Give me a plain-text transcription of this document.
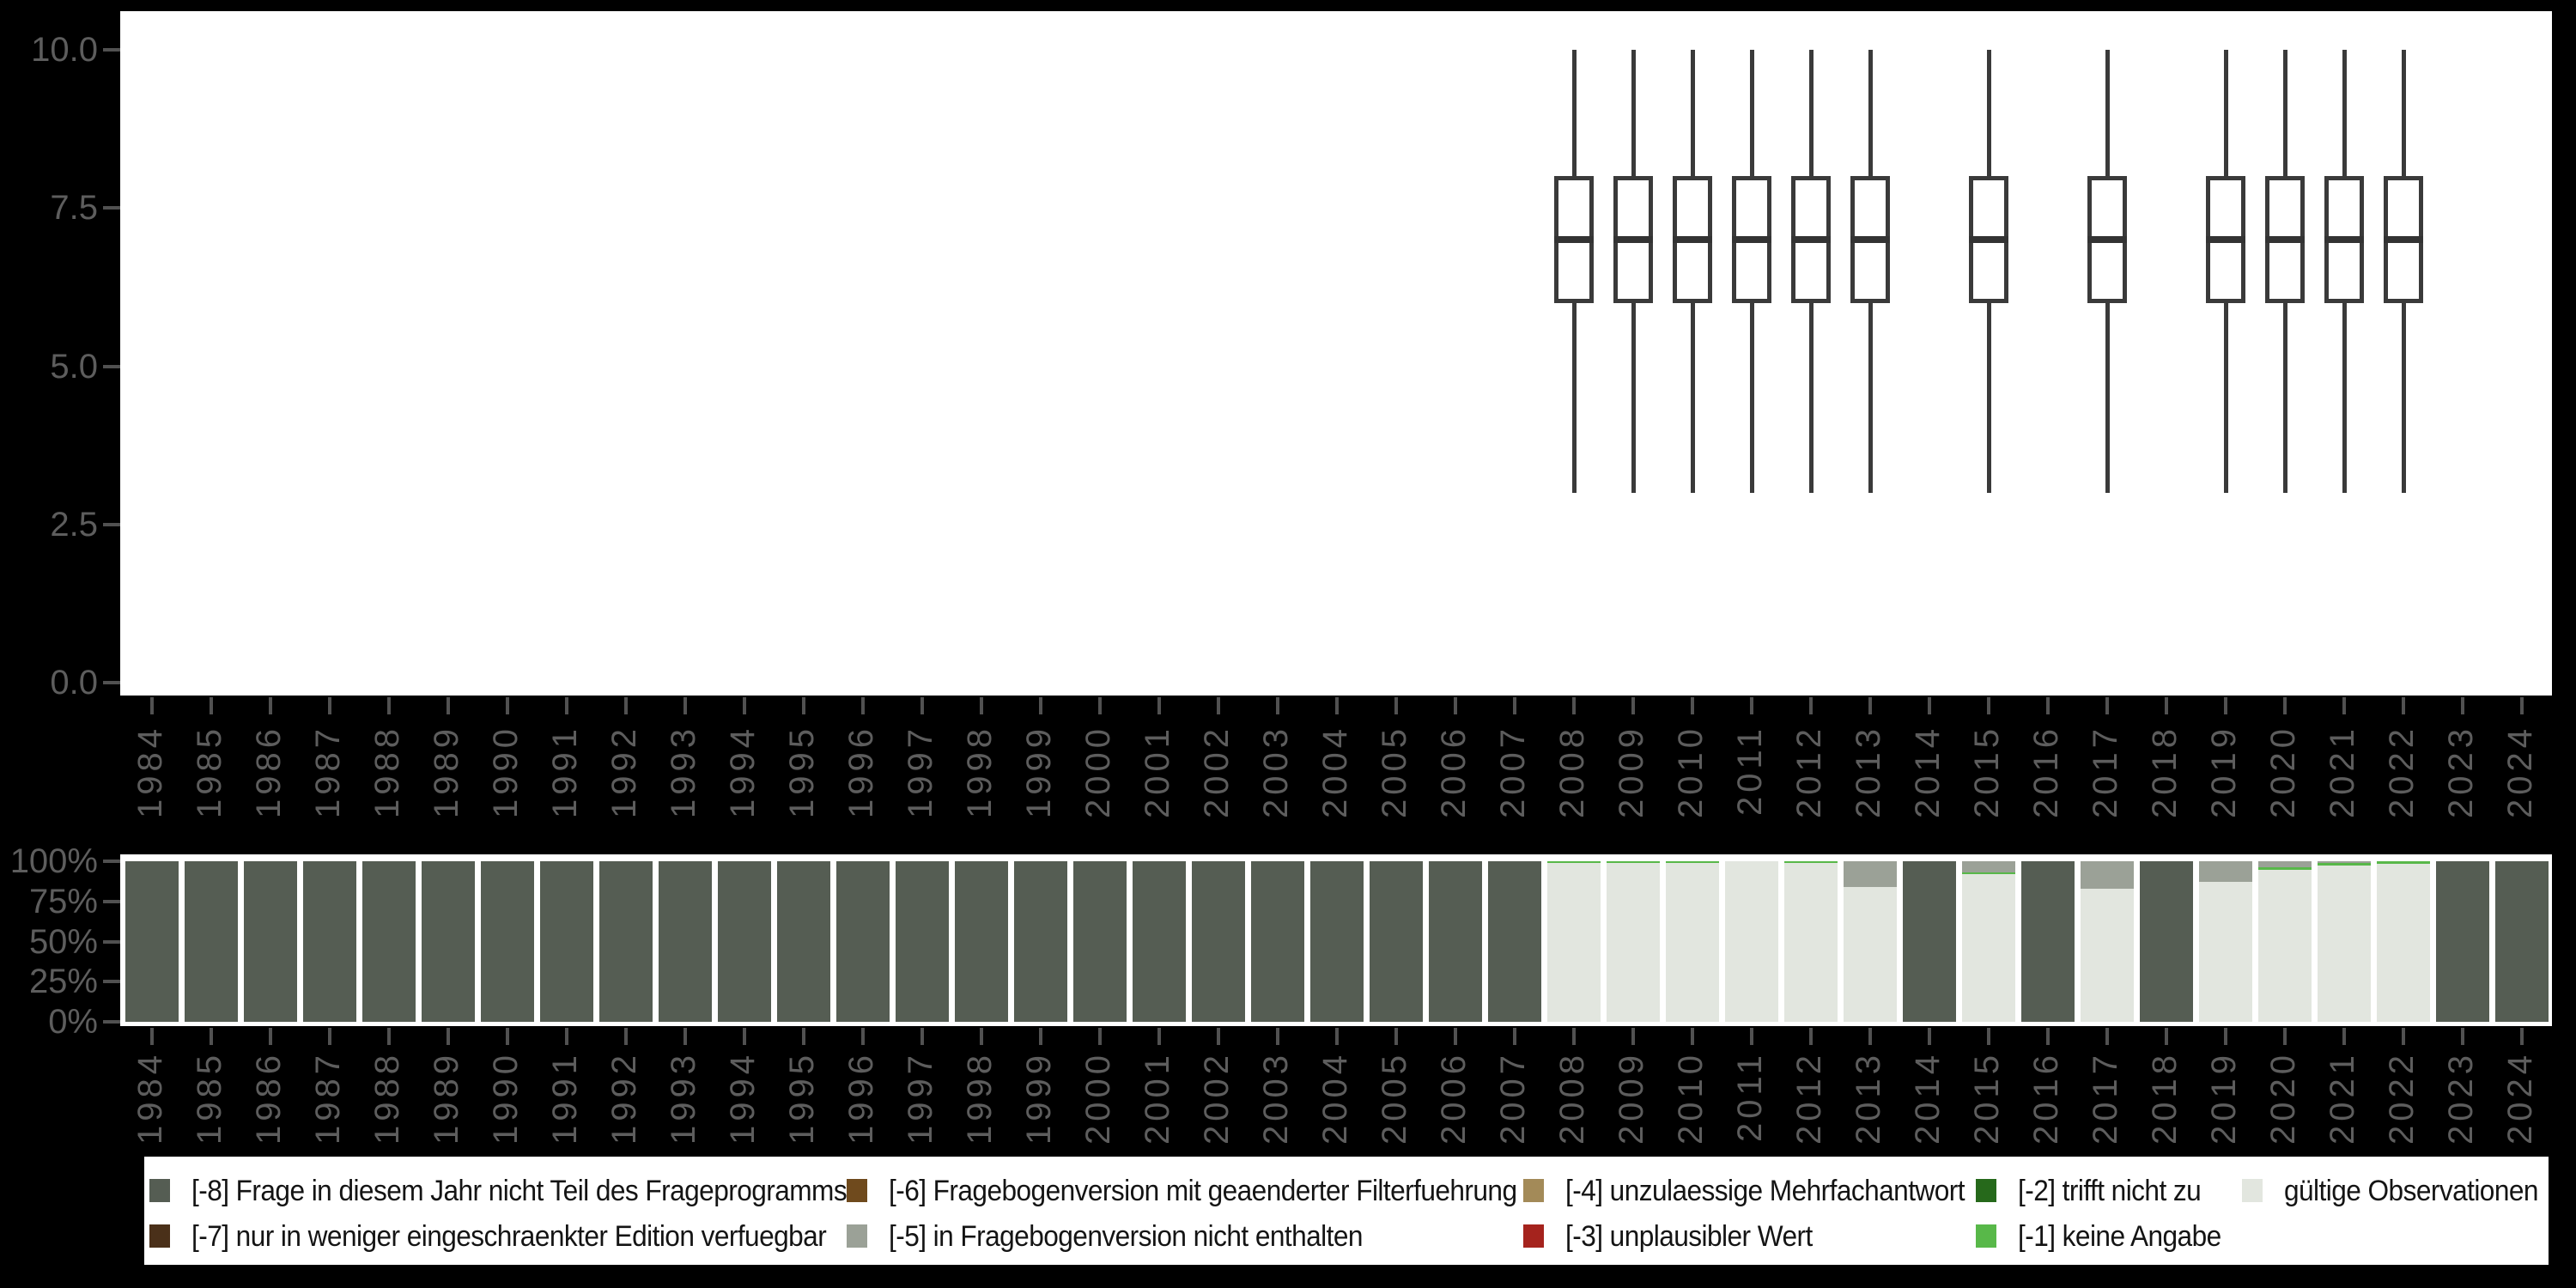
0.0
2.5
5.0
7.5
10.0
0%
25%
50%
75%
100%
1984
1984
1985
1985
1986
1986
1987
1987
1988
1988
1989
1989
1990
1990
1991
1991
1992
1992
1993
1993
1994
1994
1995
1995
1996
1996
1997
1997
1998
1998
1999
1999
2000
2000
2001
2001
2002
2002
2003
2003
2004
2004
2005
2005
2006
2006
2007
2007
2008
2008
2009
2009
2010
2010
2011
2011
2012
2012
2013
2013
2014
2014
2015
2015
2016
2016
2017
2017
2018
2018
2019
2019
2020
2020
2021
2021
2022
2022
2023
2023
2024
2024
[-8] Frage in diesem Jahr nicht Teil des Frageprogramms
[-7] nur in weniger eingeschraenkter Edition verfuegbar
[-6] Fragebogenversion mit geaenderter Filterfuehrung
[-5] in Fragebogenversion nicht enthalten
[-4] unzulaessige Mehrfachantwort
[-3] unplausibler Wert
[-2] trifft nicht zu
[-1] keine Angabe
gültige Observationen
